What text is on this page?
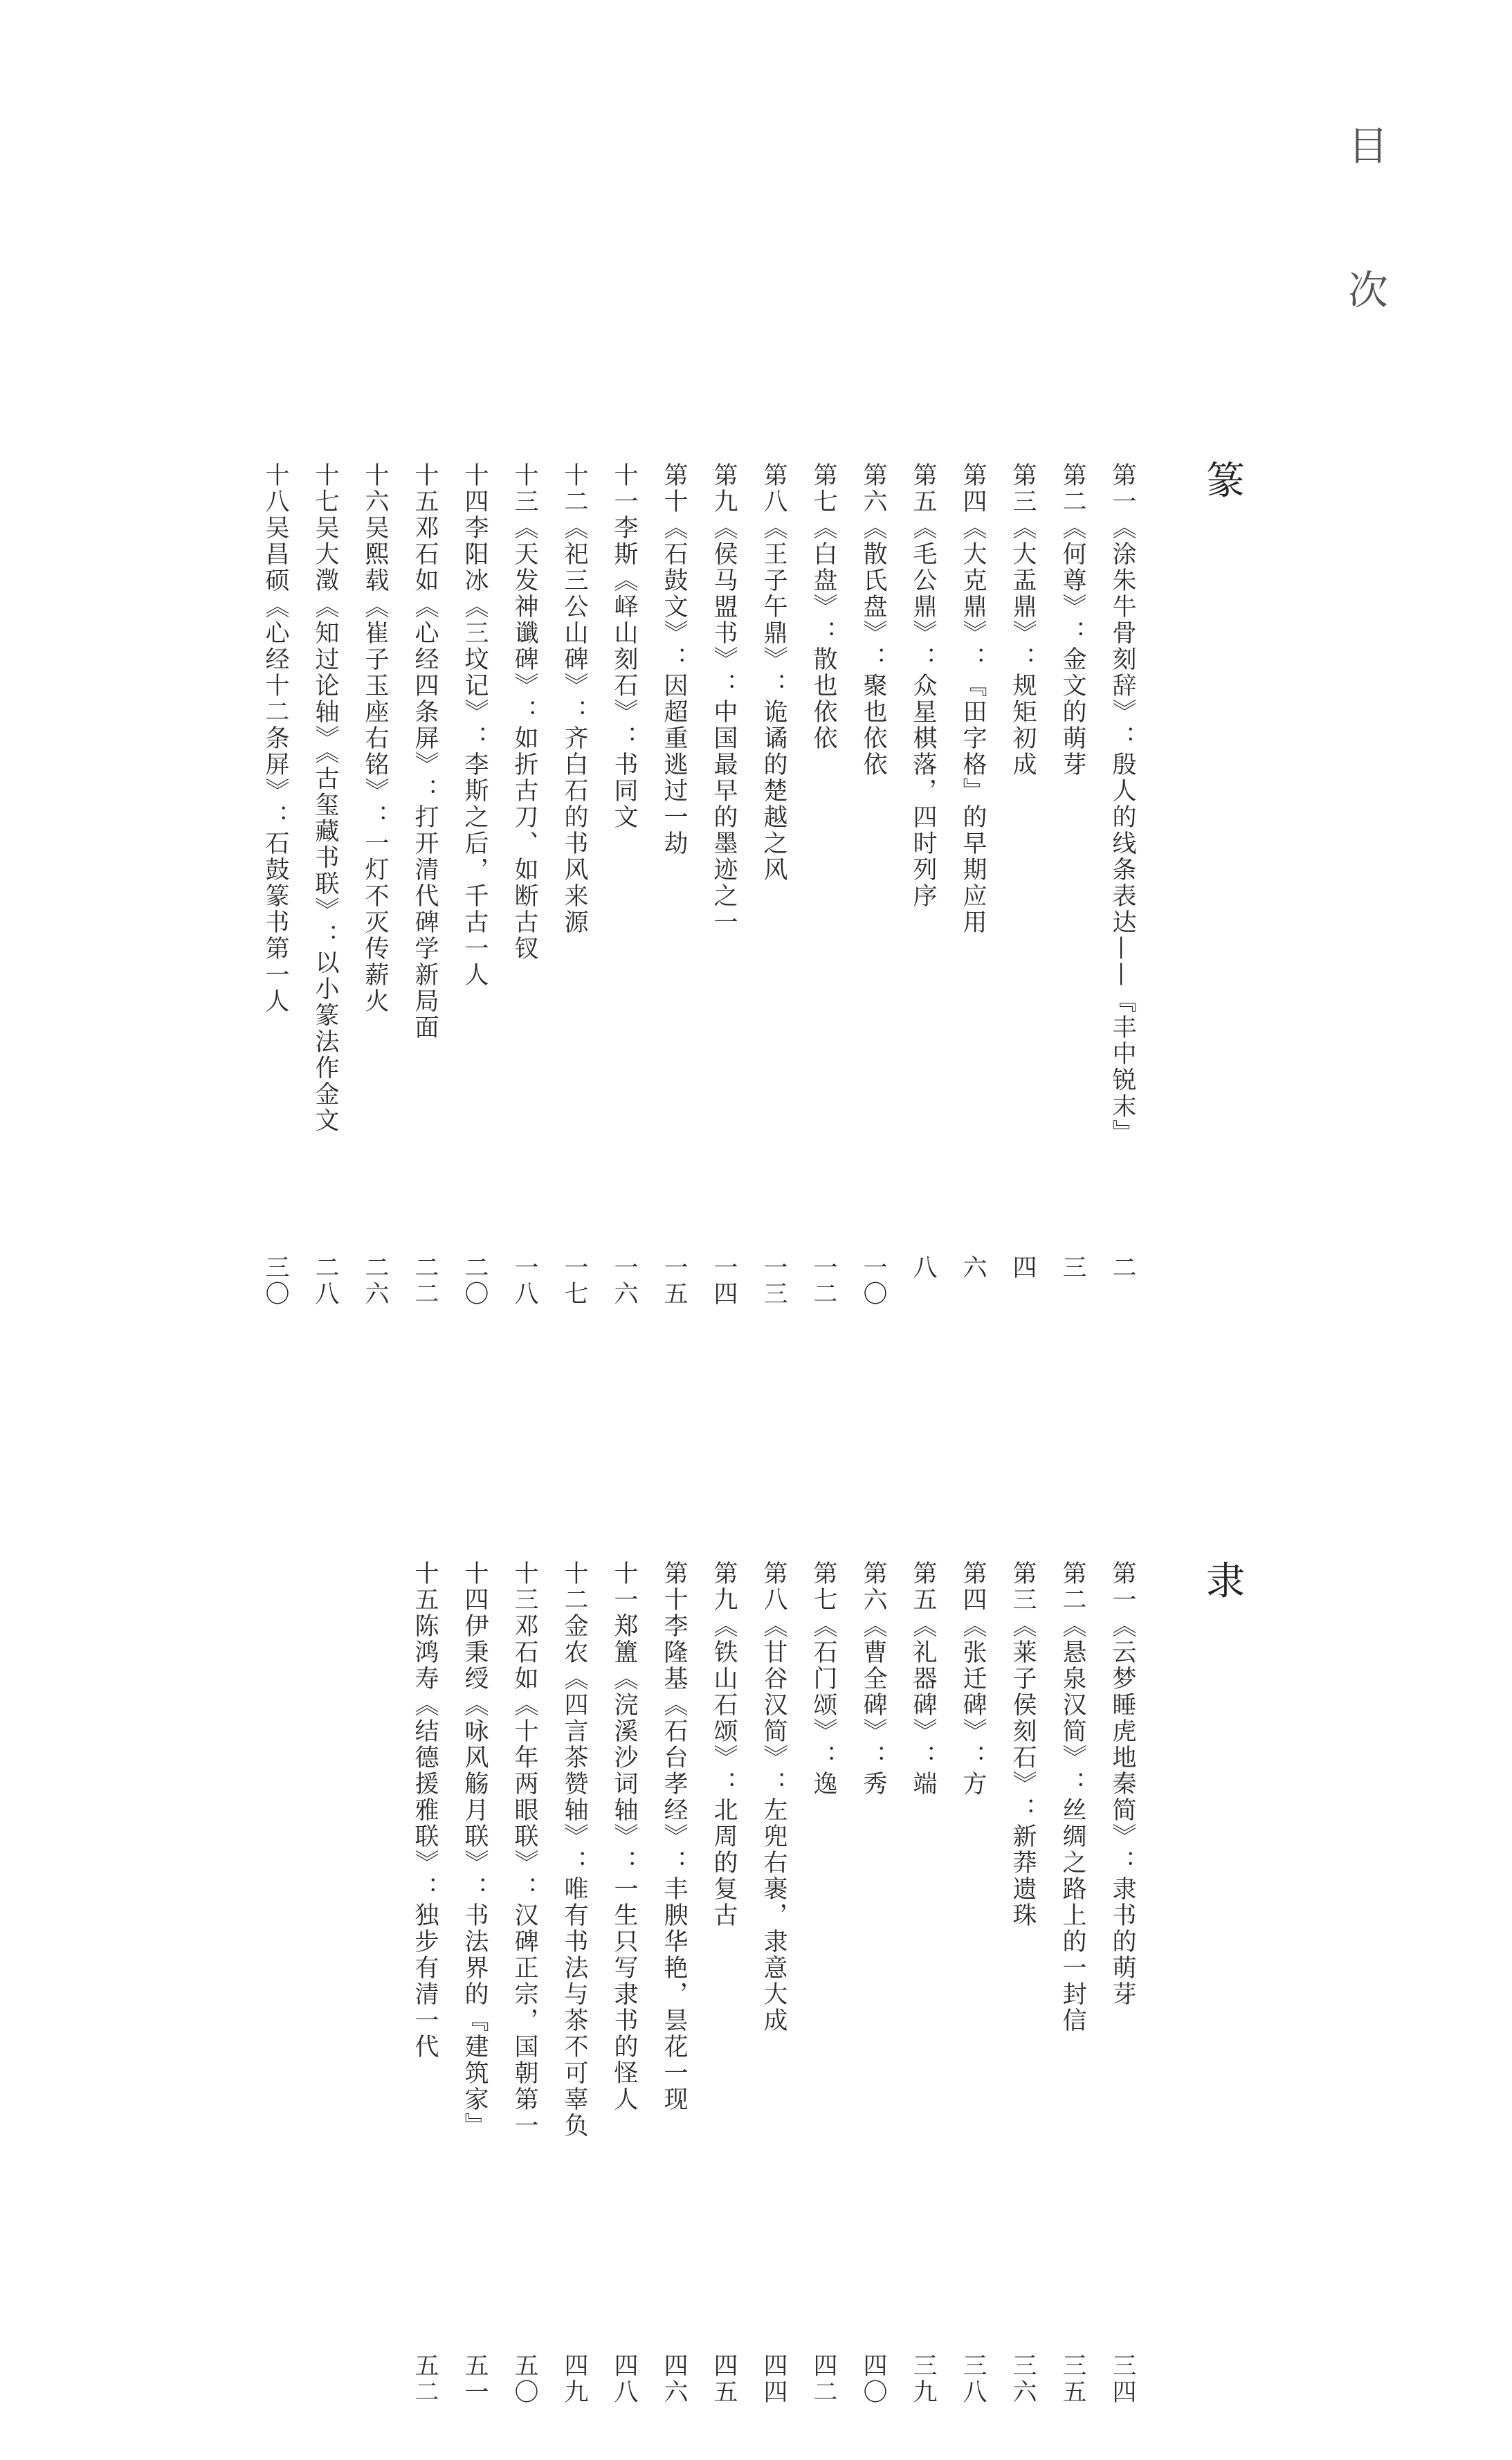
目 次
篆
隶
第一《涂朱牛骨刻辞》：殷人的线条表达——『丰中锐末』
二
第二《何尊》：金文的萌芽
三
第三《大盂鼎》：规矩初成
四
第四《大克鼎》：『田字格』的早期应用
六
第五《毛公鼎》：众星棋落，四时列序
八
第六《散氏盘》：聚也依依
一〇
第七《白盘》：散也依依
一二
第八《王子午鼎》：诡谲的楚越之风
一三
第九《侯马盟书》：中国最早的墨迹之一
一四
第十《石鼓文》：因超重逃过一劫
一五
十一李斯《峄山刻石》：书同文
一六
十二《祀三公山碑》：齐白石的书风来源
一七
十三《天发神谶碑》：如折古刀、如断古钗
一八
十四李阳冰《三坟记》：李斯之后，千古一人
二〇
十五邓石如《心经四条屏》：打开清代碑学新局面
二二
十六吴熙载《崔子玉座右铭》：一灯不灭传薪火
二六
十七吴大澂《知过论轴》《古玺藏书联》：以小篆法作金文
二八
十八吴昌硕《心经十二条屏》：石鼓篆书第一人
三〇
第一《云梦睡虎地秦简》：隶书的萌芽
三四
第二《悬泉汉简》：丝绸之路上的一封信
三五
第三《莱子侯刻石》：新莽遗珠
三六
第四《张迁碑》：方
三八
第五《礼器碑》：端
三九
第六《曹全碑》：秀
四〇
第七《石门颂》：逸
四二
第八《甘谷汉简》：左兜右裹，隶意大成
四四
第九《铁山石颂》：北周的复古
四五
第十李隆基《石台孝经》：丰腴华艳，昙花一现
四六
十一郑簠《浣溪沙词轴》：一生只写隶书的怪人
四八
十二金农《四言茶赞轴》：唯有书法与茶不可辜负
四九
十三邓石如《十年两眼联》：汉碑正宗，国朝第一
五〇
十四伊秉绶《咏风觞月联》：书法界的『建筑家』
五一
十五陈鸿寿《结德援雅联》：独步有清一代
五二
